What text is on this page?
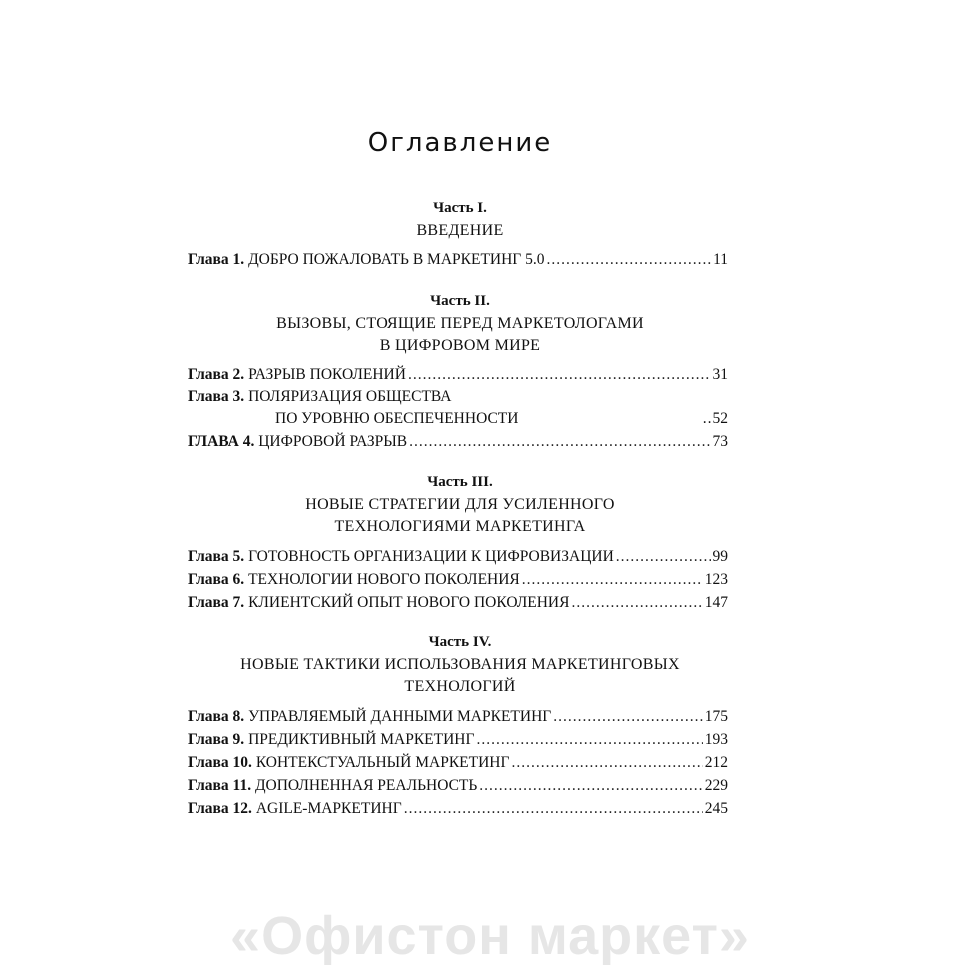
Оглавление
Часть I.
ВВЕДЕНИЕ
Глава 1. ДОБРО ПОЖАЛОВАТЬ В МАРКЕТИНГ 5.0 .....	11
Часть II.
ВЫЗОВЫ, СТОЯЩИЕ ПЕРЕД МАРКЕТОЛОГАМИ
В ЦИФРОВОМ МИРЕ
Глава 2. РАЗРЫВ ПОКОЛЕНИЙ .....	31
Глава 3. ПОЛЯРИЗАЦИЯ ОБЩЕСТВА
ПО УРОВНЮ ОБЕСПЕЧЕННОСТИ	..52
ГЛАВА 4. ЦИФРОВОЙ РАЗРЫВ .....	73
Часть III.
НОВЫЕ СТРАТЕГИИ ДЛЯ УСИЛЕННОГО
ТЕХНОЛОГИЯМИ МАРКЕТИНГА
Глава 5. ГОТОВНОСТЬ ОРГАНИЗАЦИИ К ЦИФРОВИЗАЦИИ .....	99
Глава 6. ТЕХНОЛОГИИ НОВОГО ПОКОЛЕНИЯ .....	123
Глава 7. КЛИЕНТСКИЙ ОПЫТ НОВОГО ПОКОЛЕНИЯ .....	147
Часть IV.
НОВЫЕ ТАКТИКИ ИСПОЛЬЗОВАНИЯ МАРКЕТИНГОВЫХ
ТЕХНОЛОГИЙ
Глава 8. УПРАВЛЯЕМЫЙ ДАННЫМИ МАРКЕТИНГ .....	175
Глава 9. ПРЕДИКТИВНЫЙ МАРКЕТИНГ .....	193
Глава 10. КОНТЕКСТУАЛЬНЫЙ МАРКЕТИНГ .....	212
Глава 11. ДОПОЛНЕННАЯ РЕАЛЬНОСТЬ .....	229
Глава 12. AGILE-МАРКЕТИНГ .....	245
«Офистон маркет»
